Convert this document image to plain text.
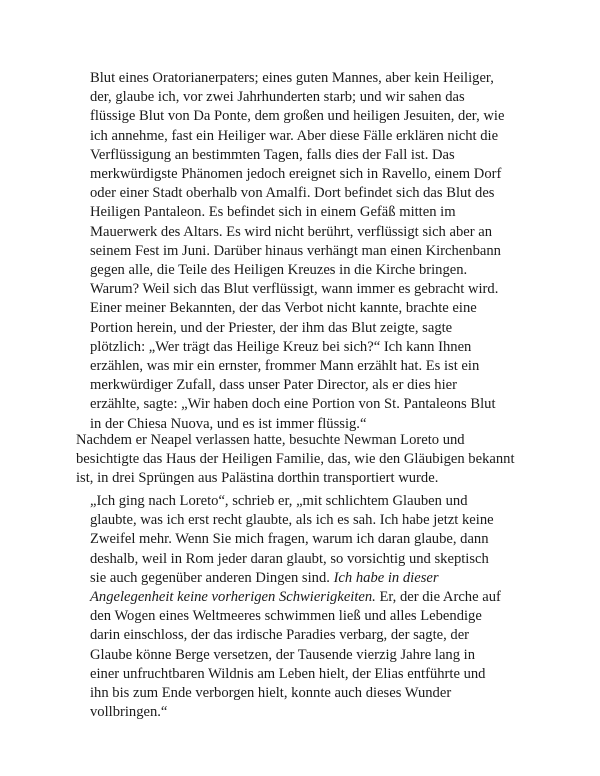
Blut eines Oratorianerpaters; eines guten Mannes, aber kein Heiliger,
der, glaube ich, vor zwei Jahrhunderten starb; und wir sahen das
flüssige Blut von Da Ponte, dem großen und heiligen Jesuiten, der, wie
ich annehme, fast ein Heiliger war. Aber diese Fälle erklären nicht die
Verflüssigung an bestimmten Tagen, falls dies der Fall ist. Das
merkwürdigste Phänomen jedoch ereignet sich in Ravello, einem Dorf
oder einer Stadt oberhalb von Amalfi. Dort befindet sich das Blut des
Heiligen Pantaleon. Es befindet sich in einem Gefäß mitten im
Mauerwerk des Altars. Es wird nicht berührt, verflüssigt sich aber an
seinem Fest im Juni. Darüber hinaus verhängt man einen Kirchenbann
gegen alle, die Teile des Heiligen Kreuzes in die Kirche bringen.
Warum? Weil sich das Blut verflüssigt, wann immer es gebracht wird.
Einer meiner Bekannten, der das Verbot nicht kannte, brachte eine
Portion herein, und der Priester, der ihm das Blut zeigte, sagte
plötzlich: „Wer trägt das Heilige Kreuz bei sich?“ Ich kann Ihnen
erzählen, was mir ein ernster, frommer Mann erzählt hat. Es ist ein
merkwürdiger Zufall, dass unser Pater Director, als er dies hier
erzählte, sagte: „Wir haben doch eine Portion von St. Pantaleons Blut
in der Chiesa Nuova, und es ist immer flüssig.“
Nachdem er Neapel verlassen hatte, besuchte Newman Loreto und
besichtigte das Haus der Heiligen Familie, das, wie den Gläubigen bekannt
ist, in drei Sprüngen aus Palästina dorthin transportiert wurde.
„Ich ging nach Loreto“, schrieb er, „mit schlichtem Glauben und
glaubte, was ich erst recht glaubte, als ich es sah. Ich habe jetzt keine
Zweifel mehr. Wenn Sie mich fragen, warum ich daran glaube, dann
deshalb, weil in Rom jeder daran glaubt, so vorsichtig und skeptisch
sie auch gegenüber anderen Dingen sind. Ich habe in dieser
Angelegenheit keine vorherigen Schwierigkeiten. Er, der die Arche auf
den Wogen eines Weltmeeres schwimmen ließ und alles Lebendige
darin einschloss, der das irdische Paradies verbarg, der sagte, der
Glaube könne Berge versetzen, der Tausende vierzig Jahre lang in
einer unfruchtbaren Wildnis am Leben hielt, der Elias entführte und
ihn bis zum Ende verborgen hielt, konnte auch dieses Wunder
vollbringen.“
